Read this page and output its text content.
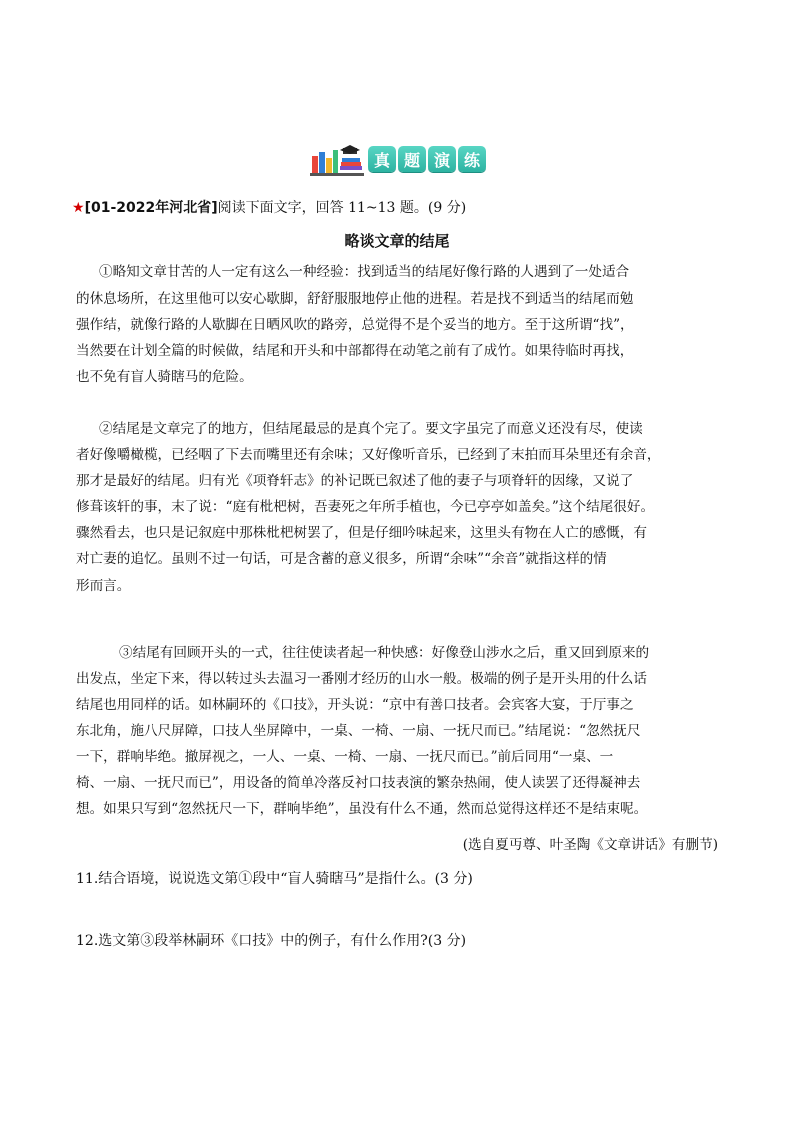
真 题 演 练
★[01-2022年河北省]阅读下面文字，回答 11~13 题。(9 分)
略谈文章的结尾
①略知文章甘苦的人一定有这么一种经验：找到适当的结尾好像行路的人遇到了一处适合
的休息场所，在这里他可以安心歇脚，舒舒服服地停止他的进程。若是找不到适当的结尾而勉
强作结，就像行路的人歇脚在日晒风吹的路旁，总觉得不是个妥当的地方。至于这所谓“找”，
当然要在计划全篇的时候做，结尾和开头和中部都得在动笔之前有了成竹。如果待临时再找，
也不免有盲人骑瞎马的危险。
②结尾是文章完了的地方，但结尾最忌的是真个完了。要文字虽完了而意义还没有尽，使读
者好像嚼橄榄，已经咽了下去而嘴里还有余味；又好像听音乐，已经到了末拍而耳朵里还有余音，
那才是最好的结尾。归有光《项脊轩志》的补记既已叙述了他的妻子与项脊轩的因缘，又说了
修葺该轩的事，末了说：“庭有枇杷树，吾妻死之年所手植也，今已亭亭如盖矣。”这个结尾很好。
骤然看去，也只是记叙庭中那株枇杷树罢了，但是仔细吟味起来，这里头有物在人亡的感慨，有
对亡妻的追忆。虽则不过一句话，可是含蓄的意义很多，所谓“余味”“余音”就指这样的情
形而言。
③结尾有回顾开头的一式，往往使读者起一种快感：好像登山涉水之后，重又回到原来的
出发点，坐定下来，得以转过头去温习一番刚才经历的山水一般。极端的例子是开头用的什么话
结尾也用同样的话。如林嗣环的《口技》，开头说：“京中有善口技者。会宾客大宴，于厅事之
东北角，施八尺屏障，口技人坐屏障中，一桌、一椅、一扇、一抚尺而已。”结尾说：“忽然抚尺
一下，群响毕绝。撤屏视之，一人、一桌、一椅、一扇、一抚尺而已。”前后同用“一桌、一
椅、一扇、一抚尺而已”，用设备的简单冷落反衬口技表演的繁杂热闹，使人读罢了还得凝神去
想。如果只写到“忽然抚尺一下，群响毕绝”，虽没有什么不通，然而总觉得这样还不是结束呢。
(选自夏丏尊、叶圣陶《文章讲话》有删节)
11.结合语境，说说选文第①段中“盲人骑瞎马”是指什么。(3 分)
12.选文第③段举林嗣环《口技》中的例子，有什么作用?(3 分)
